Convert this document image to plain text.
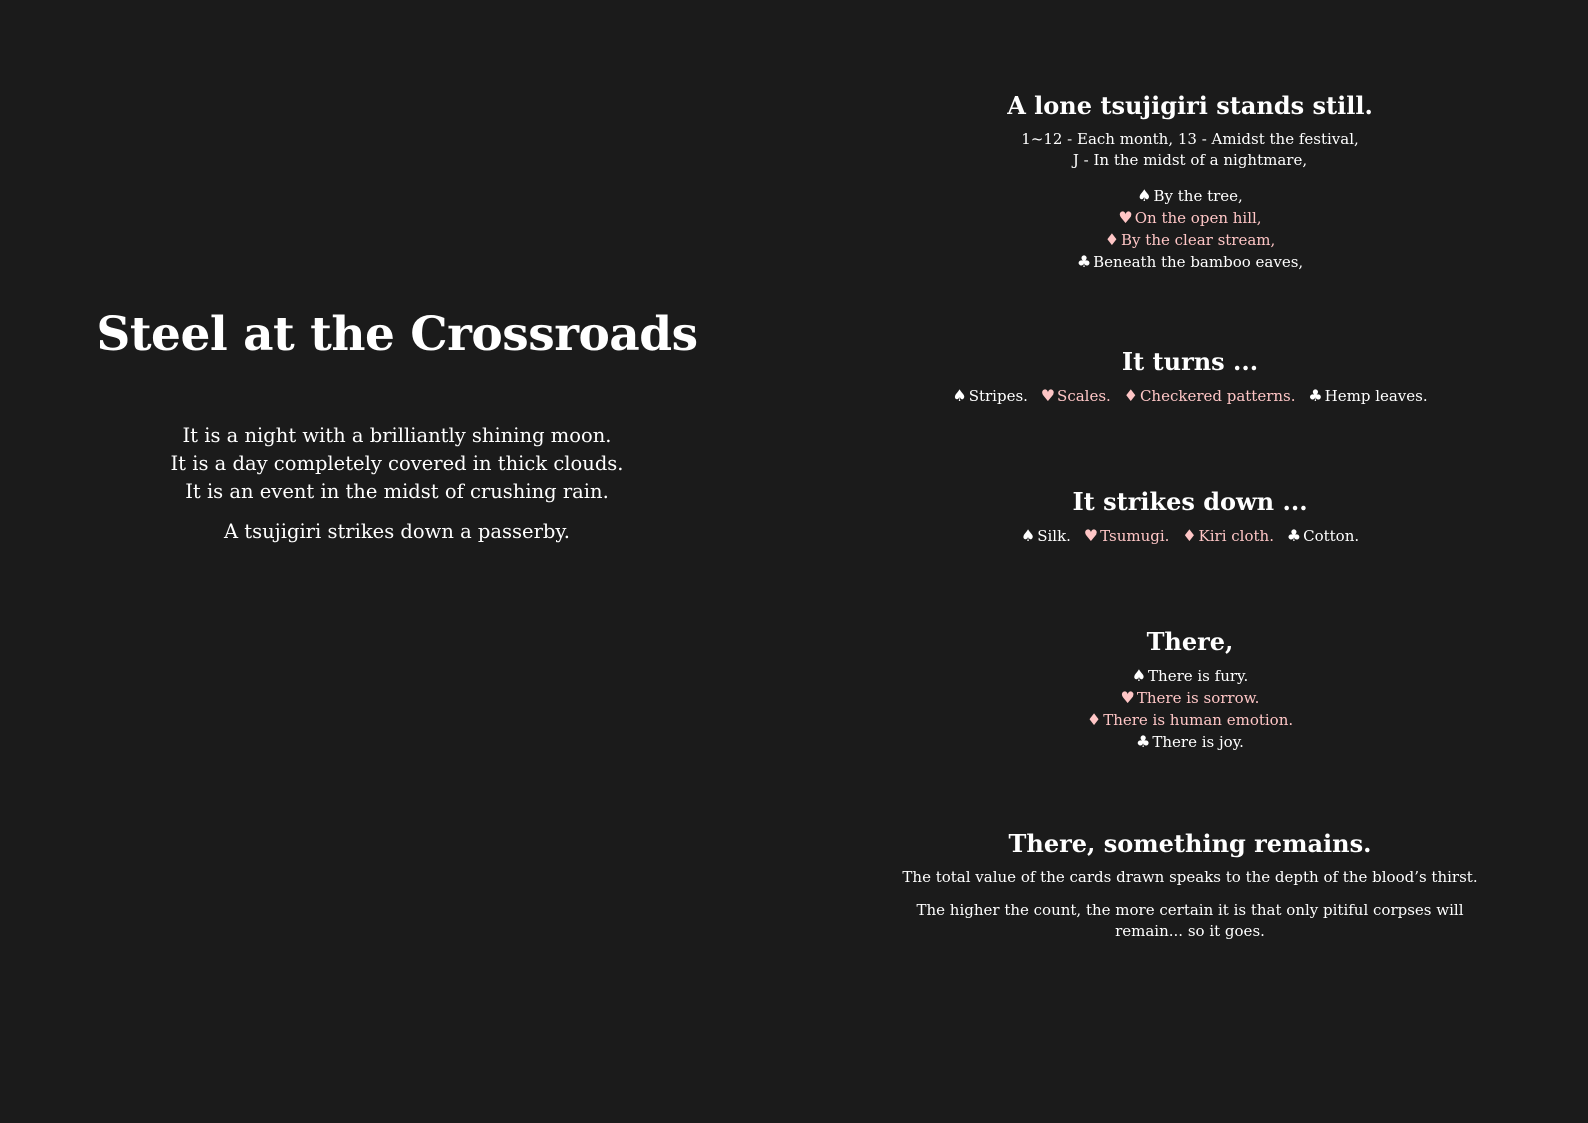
Steel at the Crossroads
It is a night with a brilliantly shining moon.
It is a day completely covered in thick clouds.
It is an event in the midst of crushing rain.
A tsujigiri strikes down a passerby.
A lone tsujigiri stands still.
1~12 - Each month, 13 - Amidst the festival,
J - In the midst of a nightmare,
♠ By the tree,
♥ On the open hill,
♦ By the clear stream,
♣ Beneath the bamboo eaves,
It turns ...
♠ Stripes. ♥ Scales. ♦ Checkered patterns. ♣ Hemp leaves.
It strikes down ...
♠ Silk. ♥ Tsumugi. ♦ Kiri cloth. ♣ Cotton.
There,
♠ There is fury.
♥ There is sorrow.
♦ There is human emotion.
♣ There is joy.
There, something remains.

The total value of the cards drawn speaks to the depth of the blood’s thirst.

The higher the count, the more certain it is that only pitiful corpses will remain... so it goes.
